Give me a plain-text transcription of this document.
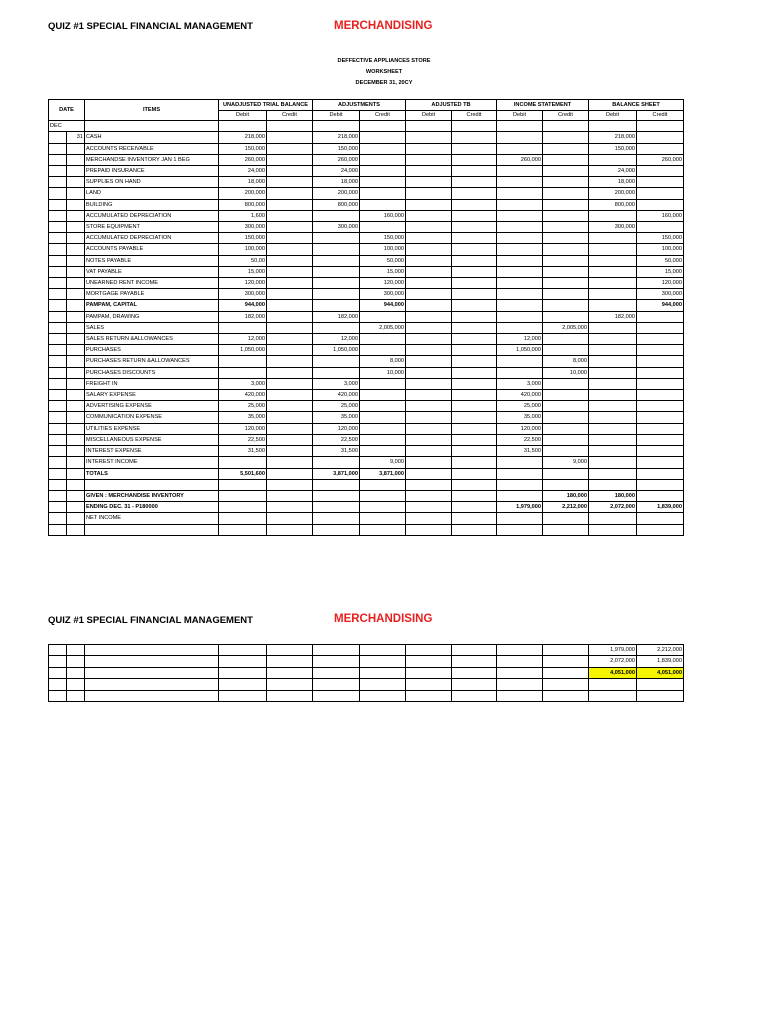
QUIZ #1 SPECIAL FINANCIAL MANAGEMENT	MERCHANDISING
DEFFECTIVE APPLIANCES STORE
WORKSHEET
DECEMBER 31, 20CY
DATE		ITEMS	UNADJUSTED TRIAL BALANCE		ADJUSTMENTS		ADJUSTED TB		INCOME STATEMENT		BALANCE SHEET	
			Debit	Credit	Debit	Credit	Debit	Credit	Debit	Credit	Debit	Credit
DEC												
	31	CASH	218,000		218,000						218,000	
		ACCOUNTS RECEIVABLE	150,000		150,000						150,000	
		MERCHANDSE INVENTORY JAN 1 BEG	260,000		260,000				260,000			260,000
		PREPAID INSURANCE	24,000		24,000						24,000	
		SUPPLIES ON HAND	18,000		18,000						18,000	
		LAND	200,000		200,000						200,000	
		BUILDING	800,000		800,000						800,000	
		ACCUMULATED DEPRECIATION	1,600			160,000						160,000
		STORE EQUIPMENT	300,000		300,000						300,000	
		ACCUMULATED DEPRECIATION	150,000			150,000						150,000
		ACCOUNTS PAYABLE	100,000			100,000						100,000
		NOTES PAYABLE	50,00			50,000						50,000
		VAT PAYABLE	15,000			15,000						15,000
		UNEARNED RENT INCOME	120,000			120,000						120,000
		MORTGAGE PAYABLE	300,000			300,000						300,000
		PAMPAM, CAPITAL	944,000			944,000						944,000
		PAMPAM, DRAWING	182,000		182,000						182,000	
		SALES				2,005,000				2,005,000		
		SALES RETURN &ALLOWANCES	12,000		12,000				12,000			
		PURCHASES	1,050,000		1,050,000				1,050,000			
		PURCHASES RETURN &ALLOWANCES				8,000				8,000		
		PURCHASES DISCOUNTS				10,000				10,000		
		FREIGHT IN	3,000		3,000				3,000			
		SALARY EXPENSE	420,000		420,000				420,000			
		ADVERTISING EXPENSE	25,000		25,000				25,000			
		COMMUNICATION EXPENSE	35,000		35,000				35,000			
		UTILITIES EXPENSE	120,000		120,000				120,000			
		MISCELLANEOUS EXPENSE	22,500		22,500				22,500			
		INTEREST EXPENSE	31,500		31,500				31,500			
		INTEREST INCOME				9,000				9,000		
		TOTALS	5,501,600		3,871,000	3,871,000						

		GIVEN : MERCHANDISE INVENTORY								180,000	180,000	
		ENDING DEC. 31 - P180000							1,979,000	2,212,000	2,072,000	1,839,000
		NET INCOME										

QUIZ #1 SPECIAL FINANCIAL MANAGEMENT	MERCHANDISING
											1,979,000	2,212,000
											2,072,000	1,839,000
											4,051,000	4,051,000
